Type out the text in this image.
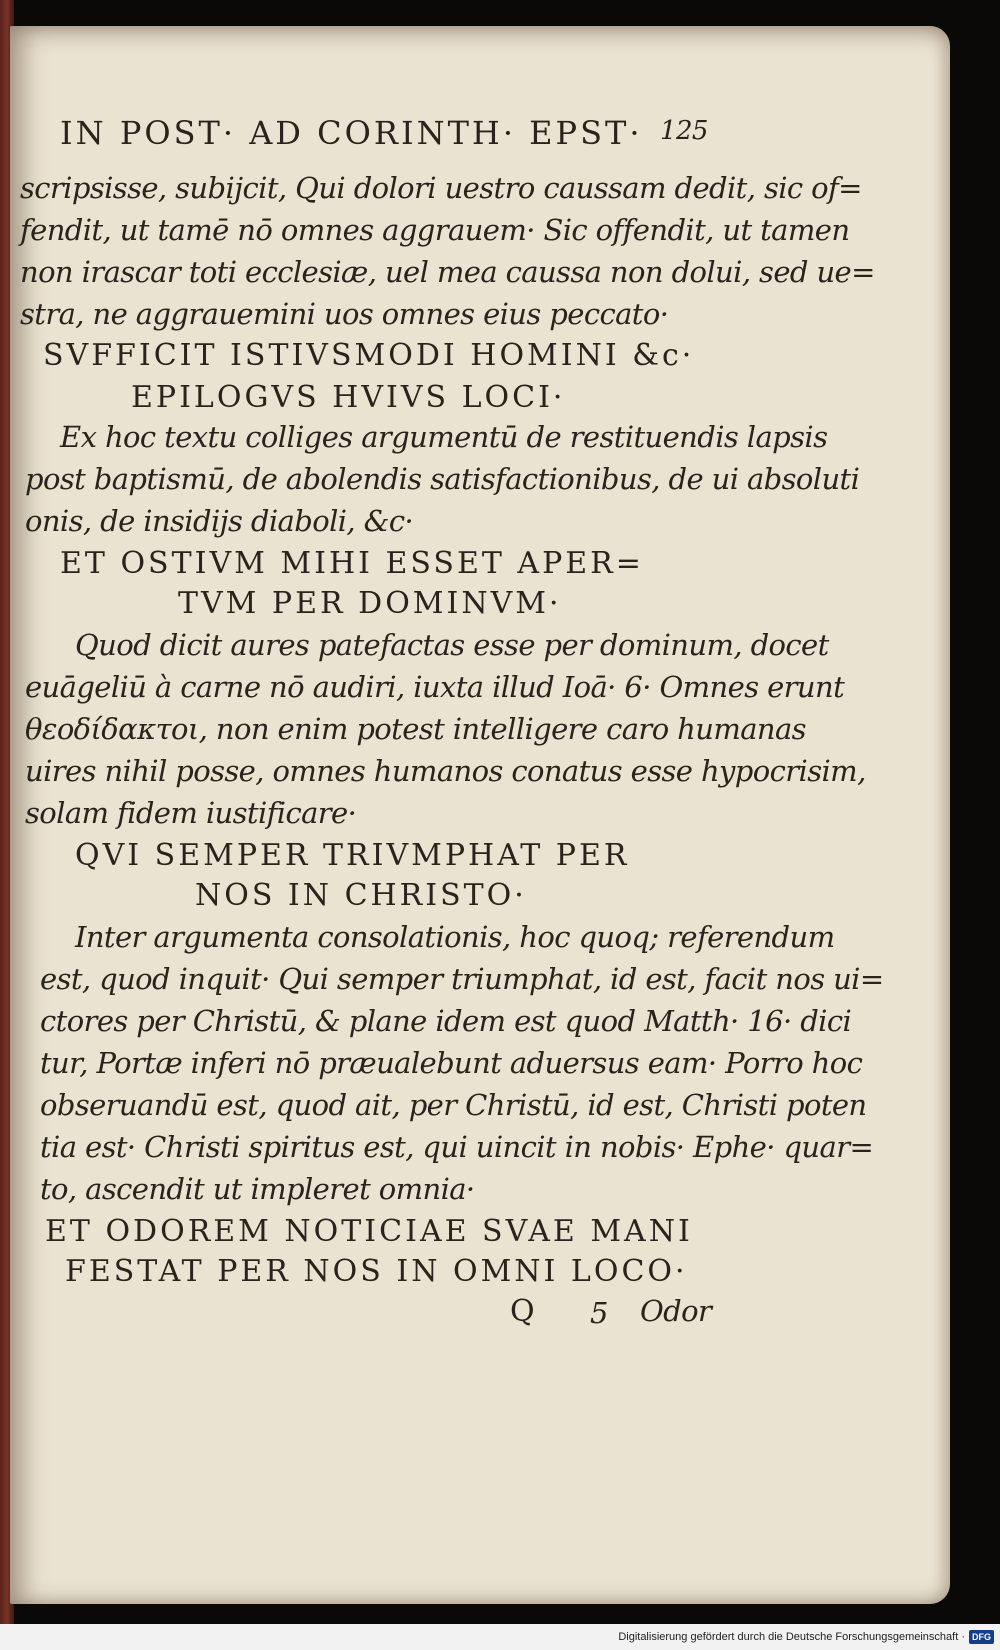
IN POST· AD CORINTH· EPST· 125
scripsisse, subijcit, Qui dolori uestro caussam dedit, sic of=
fendit, ut tamē nō omnes aggrauem· Sic offendit, ut tamen
non irascar toti ecclesiæ, uel mea caussa non dolui, sed ue=
stra, ne aggrauemini uos omnes eius peccato·
SVFFICIT ISTIVSMODI HOMINI &c·
EPILOGVS HVIVS LOCI·
Ex hoc textu colliges argumentū de restituendis lapsis
post baptismū, de abolendis satisfactionibus, de ui absoluti
onis, de insidijs diaboli, &c·
ET OSTIVM MIHI ESSET APER=
TVM PER DOMINVM·
Quod dicit aures patefactas esse per dominum, docet
euāgeliū à carne nō audiri, iuxta illud Ioā· 6· Omnes erunt
θεοδίδακτοι, non enim potest intelligere caro humanas
uires nihil posse, omnes humanos conatus esse hypocrisim,
solam fidem iustificare·
QVI SEMPER TRIVMPHAT PER
NOS IN CHRISTO·
Inter argumenta consolationis, hoc quoq; referendum
est, quod inquit· Qui semper triumphat, id est, facit nos ui=
ctores per Christū, & plane idem est quod Matth· 16· dici
tur, Portæ inferi nō præualebunt aduersus eam· Porro hoc
obseruandū est, quod ait, per Christū, id est, Christi poten
tia est· Christi spiritus est, qui uincit in nobis· Ephe· quar=
to, ascendit ut impleret omnia·
ET ODOREM NOTICIAE SVAE MANI
FESTAT PER NOS IN OMNI LOCO·
Q 5 Odor
Digitalisierung gefördert durch die Deutsche Forschungsgemeinschaft · DFG
